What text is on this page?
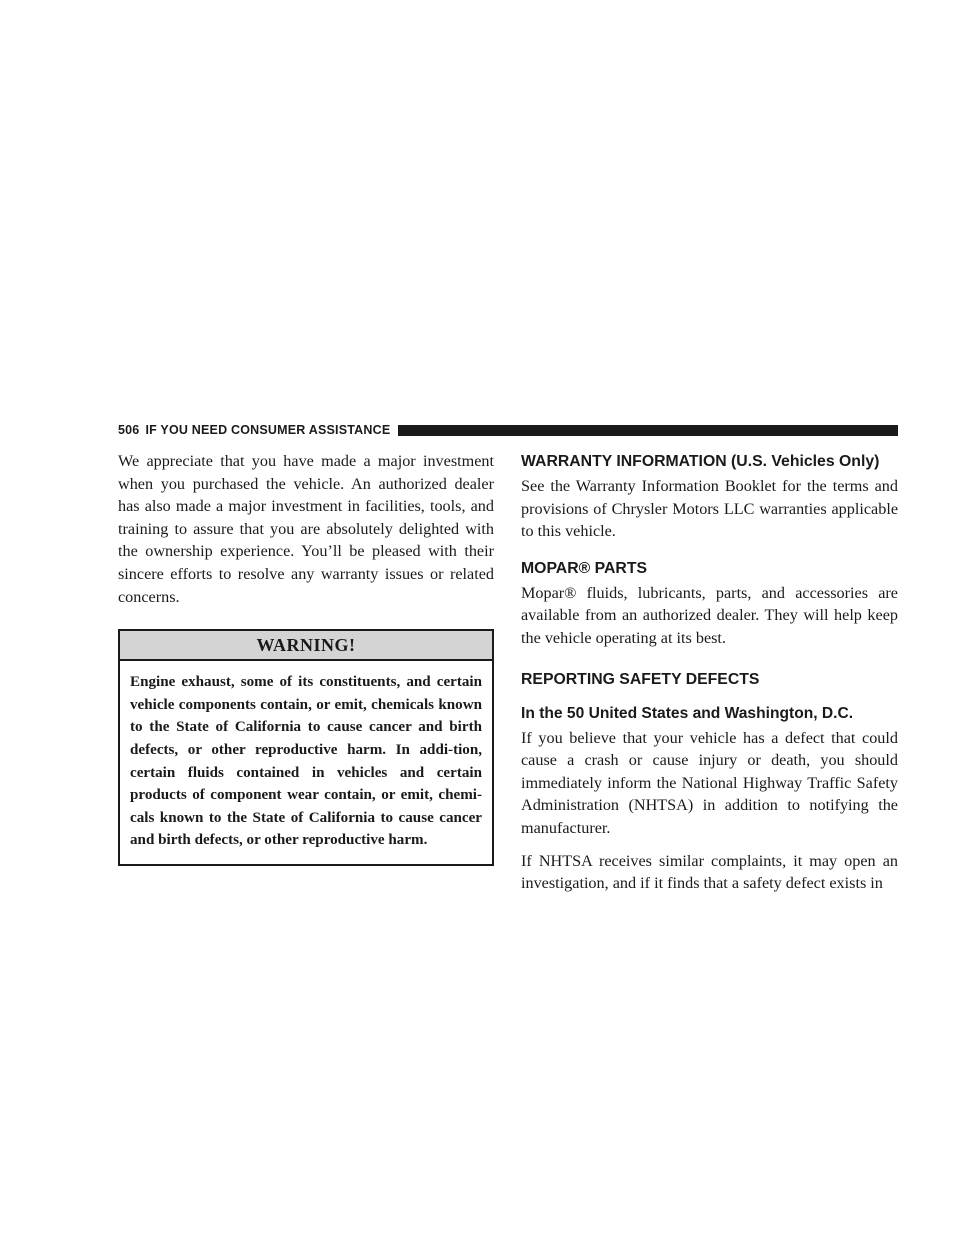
506 IF YOU NEED CONSUMER ASSISTANCE

We appreciate that you have made a major investment when you purchased the vehicle. An authorized dealer has also made a major investment in facilities, tools, and training to assure that you are absolutely delighted with the ownership experience. You’ll be pleased with their sincere efforts to resolve any warranty issues or related concerns.

WARNING!

Engine exhaust, some of its constituents, and certain vehicle components contain, or emit, chemicals known to the State of California to cause cancer and birth defects, or other reproductive harm. In addi-tion, certain fluids contained in vehicles and certain products of component wear contain, or emit, chemi-cals known to the State of California to cause cancer and birth defects, or other reproductive harm.

WARRANTY INFORMATION (U.S. Vehicles Only)

See the Warranty Information Booklet for the terms and provisions of Chrysler Motors LLC warranties applicable to this vehicle.

MOPAR® PARTS

Mopar® fluids, lubricants, parts, and accessories are available from an authorized dealer. They will help keep the vehicle operating at its best.

REPORTING SAFETY DEFECTS
In the 50 United States and Washington, D.C.

If you believe that your vehicle has a defect that could cause a crash or cause injury or death, you should immediately inform the National Highway Traffic Safety Administration (NHTSA) in addition to notifying the manufacturer.

If NHTSA receives similar complaints, it may open an investigation, and if it finds that a safety defect exists in
